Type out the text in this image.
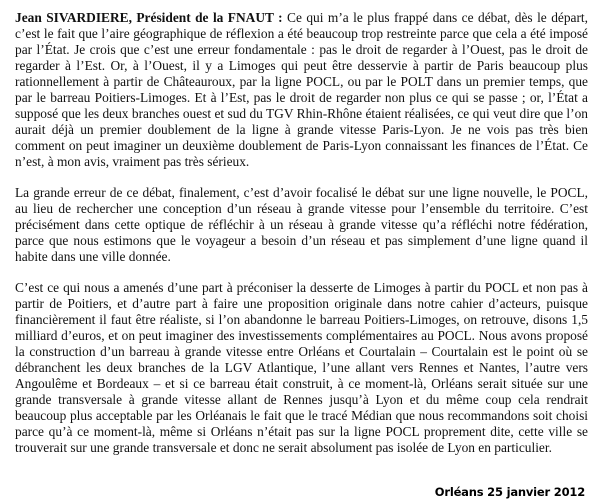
Jean SIVARDIERE, Président de la FNAUT : Ce qui m’a le plus frappé dans ce débat, dès le départ, c’est le fait que l’aire géographique de réflexion a été beaucoup trop restreinte parce que cela a été imposé par l’État. Je crois que c’est une erreur fondamentale : pas le droit de regarder à l’Ouest, pas le droit de regarder à l’Est. Or, à l’Ouest, il y a Limoges qui peut être desservie à partir de Paris beaucoup plus rationnellement à partir de Châteauroux, par la ligne POCL, ou par le POLT dans un premier temps, que par le barreau Poitiers-Limoges. Et à l’Est, pas le droit de regarder non plus ce qui se passe ; or, l’État a supposé que les deux branches ouest et sud du TGV Rhin-Rhône étaient réalisées, ce qui veut dire que l’on aurait déjà un premier doublement de la ligne à grande vitesse Paris-Lyon. Je ne vois pas très bien comment on peut imaginer un deuxième doublement de Paris-Lyon connaissant les finances de l’État. Ce n’est, à mon avis, vraiment pas très sérieux.

La grande erreur de ce débat, finalement, c’est d’avoir focalisé le débat sur une ligne nouvelle, le POCL, au lieu de rechercher une conception d’un réseau à grande vitesse pour l’ensemble du territoire. C’est précisément dans cette optique de réfléchir à un réseau à grande vitesse qu’a réfléchi notre fédération, parce que nous estimons que le voyageur a besoin d’un réseau et pas simplement d’une ligne quand il habite dans une ville donnée.

C’est ce qui nous a amenés d’une part à préconiser la desserte de Limoges à partir du POCL et non pas à partir de Poitiers, et d’autre part à faire une proposition originale dans notre cahier d’acteurs, puisque financièrement il faut être réaliste, si l’on abandonne le barreau Poitiers-Limoges, on retrouve, disons 1,5 milliard d’euros, et on peut imaginer des investissements complémentaires au POCL. Nous avons proposé la construction d’un barreau à grande vitesse entre Orléans et Courtalain – Courtalain est le point où se débranchent les deux branches de la LGV Atlantique, l’une allant vers Rennes et Nantes, l’autre vers Angoulême et Bordeaux – et si ce barreau était construit, à ce moment-là, Orléans serait située sur une grande transversale à grande vitesse allant de Rennes jusqu’à Lyon et du même coup cela rendrait beaucoup plus acceptable par les Orléanais le fait que le tracé Médian que nous recommandons soit choisi parce qu’à ce moment-là, même si Orléans n’était pas sur la ligne POCL proprement dite, cette ville se trouverait sur une grande transversale et donc ne serait absolument pas isolée de Lyon en particulier.

Orléans 25 janvier 2012
